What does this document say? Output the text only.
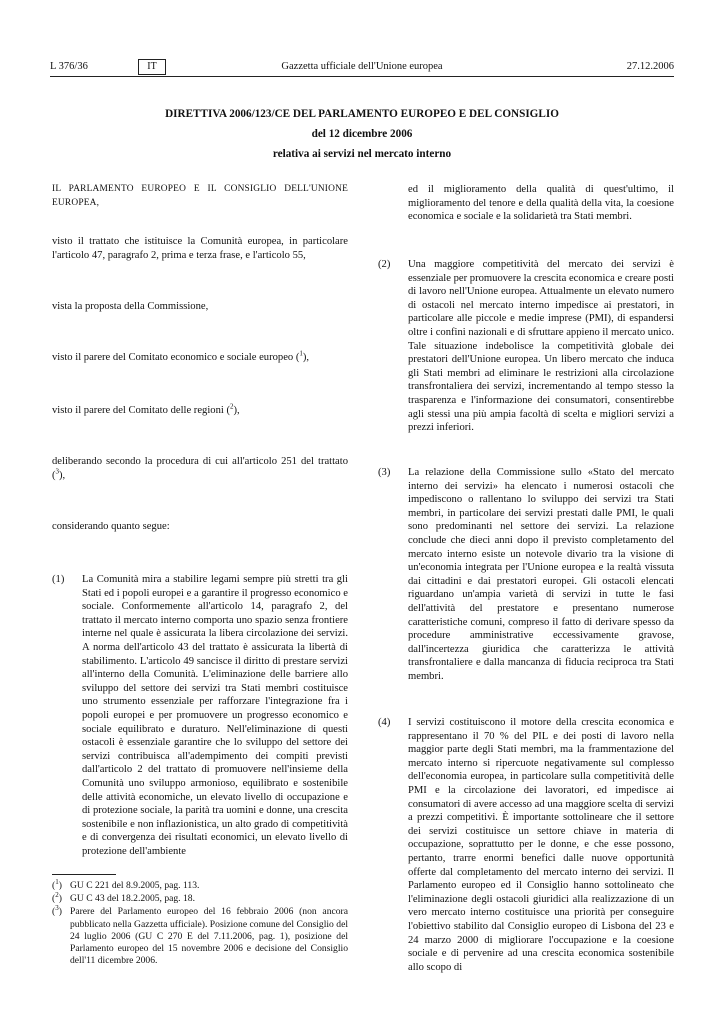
L 376/36	IT	Gazzetta ufficiale dell'Unione europea	27.12.2006
DIRETTIVA 2006/123/CE DEL PARLAMENTO EUROPEO E DEL CONSIGLIO
del 12 dicembre 2006
relativa ai servizi nel mercato interno
IL PARLAMENTO EUROPEO E IL CONSIGLIO DELL'UNIONE EUROPEA,
visto il trattato che istituisce la Comunità europea, in particolare l'articolo 47, paragrafo 2, prima e terza frase, e l'articolo 55,
vista la proposta della Commissione,
visto il parere del Comitato economico e sociale europeo ($^1$),
visto il parere del Comitato delle regioni ($^2$),
deliberando secondo la procedura di cui all'articolo 251 del trattato ($^3$),
considerando quanto segue:
(1)	La Comunità mira a stabilire legami sempre più stretti tra gli Stati ed i popoli europei e a garantire il progresso economico e sociale. Conformemente all'articolo 14, paragrafo 2, del trattato il mercato interno comporta uno spazio senza frontiere interne nel quale è assicurata la libera circolazione dei servizi. A norma dell'articolo 43 del trattato è assicurata la libertà di stabilimento. L'articolo 49 sancisce il diritto di prestare servizi all'interno della Comunità. L'eliminazione delle barriere allo sviluppo del settore dei servizi tra Stati membri costituisce uno strumento essenziale per rafforzare l'integrazione fra i popoli europei e per promuovere un progresso economico e sociale equilibrato e duraturo. Nell'eliminazione di questi ostacoli è essenziale garantire che lo sviluppo del settore dei servizi contribuisca all'adempimento dei compiti previsti dall'articolo 2 del trattato di promuovere nell'insieme della Comunità uno sviluppo armonioso, equilibrato e sostenibile delle attività economiche, un elevato livello di occupazione e di protezione sociale, la parità tra uomini e donne, una crescita sostenibile e non inflazionistica, un alto grado di competitività e di convergenza dei risultati economici, un elevato livello di protezione dell'ambiente
($^1$) GU C 221 del 8.9.2005, pag. 113.
($^2$) GU C 43 del 18.2.2005, pag. 18.
($^3$) Parere del Parlamento europeo del 16 febbraio 2006 (non ancora pubblicato nella Gazzetta ufficiale). Posizione comune del Consiglio del 24 luglio 2006 (GU C 270 E del 7.11.2006, pag. 1), posizione del Parlamento europeo del 15 novembre 2006 e decisione del Consiglio dell'11 dicembre 2006.
ed il miglioramento della qualità di quest'ultimo, il miglioramento del tenore e della qualità della vita, la coesione economica e sociale e la solidarietà tra Stati membri.
(2)	Una maggiore competitività del mercato dei servizi è essenziale per promuovere la crescita economica e creare posti di lavoro nell'Unione europea. Attualmente un elevato numero di ostacoli nel mercato interno impedisce ai prestatori, in particolare alle piccole e medie imprese (PMI), di espandersi oltre i confini nazionali e di sfruttare appieno il mercato unico. Tale situazione indebolisce la competitività globale dei prestatori dell'Unione europea. Un libero mercato che induca gli Stati membri ad eliminare le restrizioni alla circolazione transfrontaliera dei servizi, incrementando al tempo stesso la trasparenza e l'informazione dei consumatori, consentirebbe agli stessi una più ampia facoltà di scelta e migliori servizi a prezzi inferiori.
(3)	La relazione della Commissione sullo «Stato del mercato interno dei servizi» ha elencato i numerosi ostacoli che impediscono o rallentano lo sviluppo dei servizi tra Stati membri, in particolare dei servizi prestati dalle PMI, le quali sono predominanti nel settore dei servizi. La relazione conclude che dieci anni dopo il previsto completamento del mercato interno esiste un notevole divario tra la visione di un'economia integrata per l'Unione europea e la realtà vissuta dai cittadini e dai prestatori europei. Gli ostacoli elencati riguardano un'ampia varietà di servizi in tutte le fasi dell'attività del prestatore e presentano numerose caratteristiche comuni, compreso il fatto di derivare spesso da procedure amministrative eccessivamente gravose, dall'incertezza giuridica che caratterizza le attività transfrontaliere e dalla mancanza di fiducia reciproca tra Stati membri.
(4)	I servizi costituiscono il motore della crescita economica e rappresentano il 70 % del PIL e dei posti di lavoro nella maggior parte degli Stati membri, ma la frammentazione del mercato interno si ripercuote negativamente sul complesso dell'economia europea, in particolare sulla competitività delle PMI e la circolazione dei lavoratori, ed impedisce ai consumatori di avere accesso ad una maggiore scelta di servizi a prezzi competitivi. È importante sottolineare che il settore dei servizi costituisce un settore chiave in materia di occupazione, soprattutto per le donne, e che esse possono, pertanto, trarre enormi benefici dalle nuove opportunità offerte dal completamento del mercato interno dei servizi. Il Parlamento europeo ed il Consiglio hanno sottolineato che l'eliminazione degli ostacoli giuridici alla realizzazione di un vero mercato interno costituisce una priorità per conseguire l'obiettivo stabilito dal Consiglio europeo di Lisbona del 23 e 24 marzo 2000 di migliorare l'occupazione e la coesione sociale e di pervenire ad una crescita economica sostenibile allo scopo di
